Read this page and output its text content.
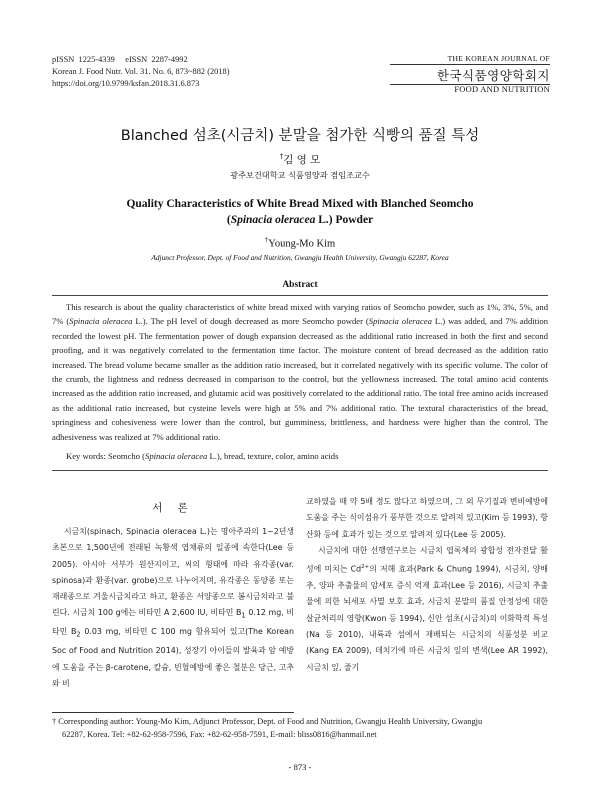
pISSN  1225-4339     eISSN  2287-4992
Korean J. Food Nutr. Vol. 31. No. 6, 873~882 (2018)
https://doi.org/10.9799/ksfan.2018.31.6.873
THE KOREAN JOURNAL OF
한국식품영양학회지
FOOD AND NUTRITION
Blanched 섬초(시금치) 분말을 첨가한 식빵의 품질 특성
†김 영 모
광주보건대학교 식품영양과 겸임조교수
Quality Characteristics of White Bread Mixed with Blanched Seomcho
(Spinacia oleracea L.) Powder
†Young-Mo Kim
Adjunct Professor, Dept. of Food and Nutrition, Gwangju Health University, Gwangju 62287, Korea
Abstract
This research is about the quality characteristics of white bread mixed with varying ratios of Seomcho powder, such as 1%, 3%, 5%, and 7% (Spinacia oleracea L.). The pH level of dough decreased as more Seomcho powder (Spinacia oleracea L.) was added, and 7% addition recorded the lowest pH. The fermentation power of dough expansion decreased as the additional ratio increased in both the first and second proofing, and it was negatively correlated to the fermentation time factor. The moisture content of bread decreased as the addition ratio increased. The bread volume became smaller as the addition ratio increased, but it correlated negatively with its specific volume. The color of the crumb, the lightness and redness decreased in comparison to the control, but the yellowness increased. The total amino acid contents increased as the addition ratio increased, and glutamic acid was positively correlated to the additional ratio. The total free amino acids increased as the additional ratio increased, but cysteine levels were high at 5% and 7% additional ratio. The textural characteristics of the bread, springiness and cohesiveness were lower than the control, but gumminess, brittleness, and hardness were higher than the control. The adhesiveness was realized at 7% additional ratio.
Key words: Seomcho (Spinacia oleracea L.), bread, texture, color, amino acids
서 론

시금치(spinach, Spinacia oleracea L.)는 명아주과의 1~2년생 초본으로 1,500년에 전래된 녹황색 엽채류의 일종에 속한다(Lee 등 2005). 아시아 서부가 원산지이고, 씨의 형태에 따라 유각종(var. spinosa)과 환종(var. grobe)으로 나누어지며, 유각종은 동양종 또는 재래종으로 겨울시금치라고 하고, 환종은 서양종으로 봄시금치라고 불린다. 시금치 100 g에는 비타민 A 2,600 IU, 비타민 $B_1$ 0.12 mg, 비타민 $B_2$ 0.03 mg, 비타민 C 100 mg 함유되어 있고(The Korean Soc of Food and Nutrition 2014), 성장기 아이들의 발육과 암 예방에 도움을 주는 β-carotene, 칼슘, 빈혈예방에 좋은 철분은 당근, 고추와 비

교하였을 때 약 5배 정도 많다고 하였으며, 그 외 무기질과 변비예방에 도움을 주는 식이섬유가 풍부한 것으로 알려져 있고(Kim 등 1993), 항산화 등에 효과가 있는 것으로 알려져 있다(Lee 등 2005).

시금치에 대한 선행연구로는 시금치 엽록체의 광합성 전자전달 활성에 미치는 $Cd^{2+}$의 저해 효과(Park & Chung 1994), 시금치, 양배추, 양파 추출물의 암세포 증식 억제 효과(Lee 등 2016), 시금치 추출물에 의한 뇌세포 사멸 보호 효과, 시금치 분말의 품질 안정성에 대한 살균처리의 영향(Kwon 등 1994), 신안 섬초(시금치)의 이화학적 특성(Na 등 2010), 내륙과 섬에서 재배되는 시금치의 식품성분 비교(Kang EA 2009), 데치기에 따른 시금치 잎의 변색(Lee AR 1992), 시금치 잎, 줄기

† Corresponding author: Young-Mo Kim, Adjunct Professor, Dept. of Food and Nutrition, Gwangju Health University, Gwangju
62287, Korea. Tel: +82-62-958-7596, Fax: +82-62-958-7591, E-mail: bliss0816@hanmail.net
- 873 -
